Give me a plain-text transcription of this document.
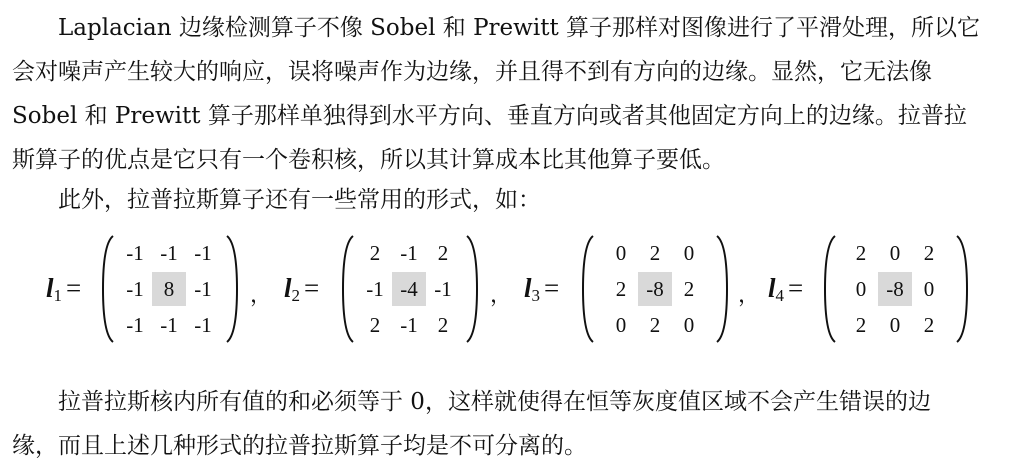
Laplacian 边缘检测算子不像 Sobel 和 Prewitt 算子那样对图像进行了平滑处理，所以它
会对噪声产生较大的响应，误将噪声作为边缘，并且得不到有方向的边缘。显然，它无法像
Sobel 和 Prewitt 算子那样单独得到水平方向、垂直方向或者其他固定方向上的边缘。拉普拉
斯算子的优点是它只有一个卷积核，所以其计算成本比其他算子要低。
此外，拉普拉斯算子还有一些常用的形式，如：
$l_1$ =
-1 -1 -1
-1 8 -1
-1 -1 -1
， $l_2$ =
2 -1 2
-1 -4 -1
2 -1 2
， $l_3$ =
0	2	0
2 -8 2
0	2	0
， $l_4$ =
2	0	2
0 -8 0
2	0	2
拉普拉斯核内所有值的和必须等于 0，这样就使得在恒等灰度值区域不会产生错误的边
缘，而且上述几种形式的拉普拉斯算子均是不可分离的。
